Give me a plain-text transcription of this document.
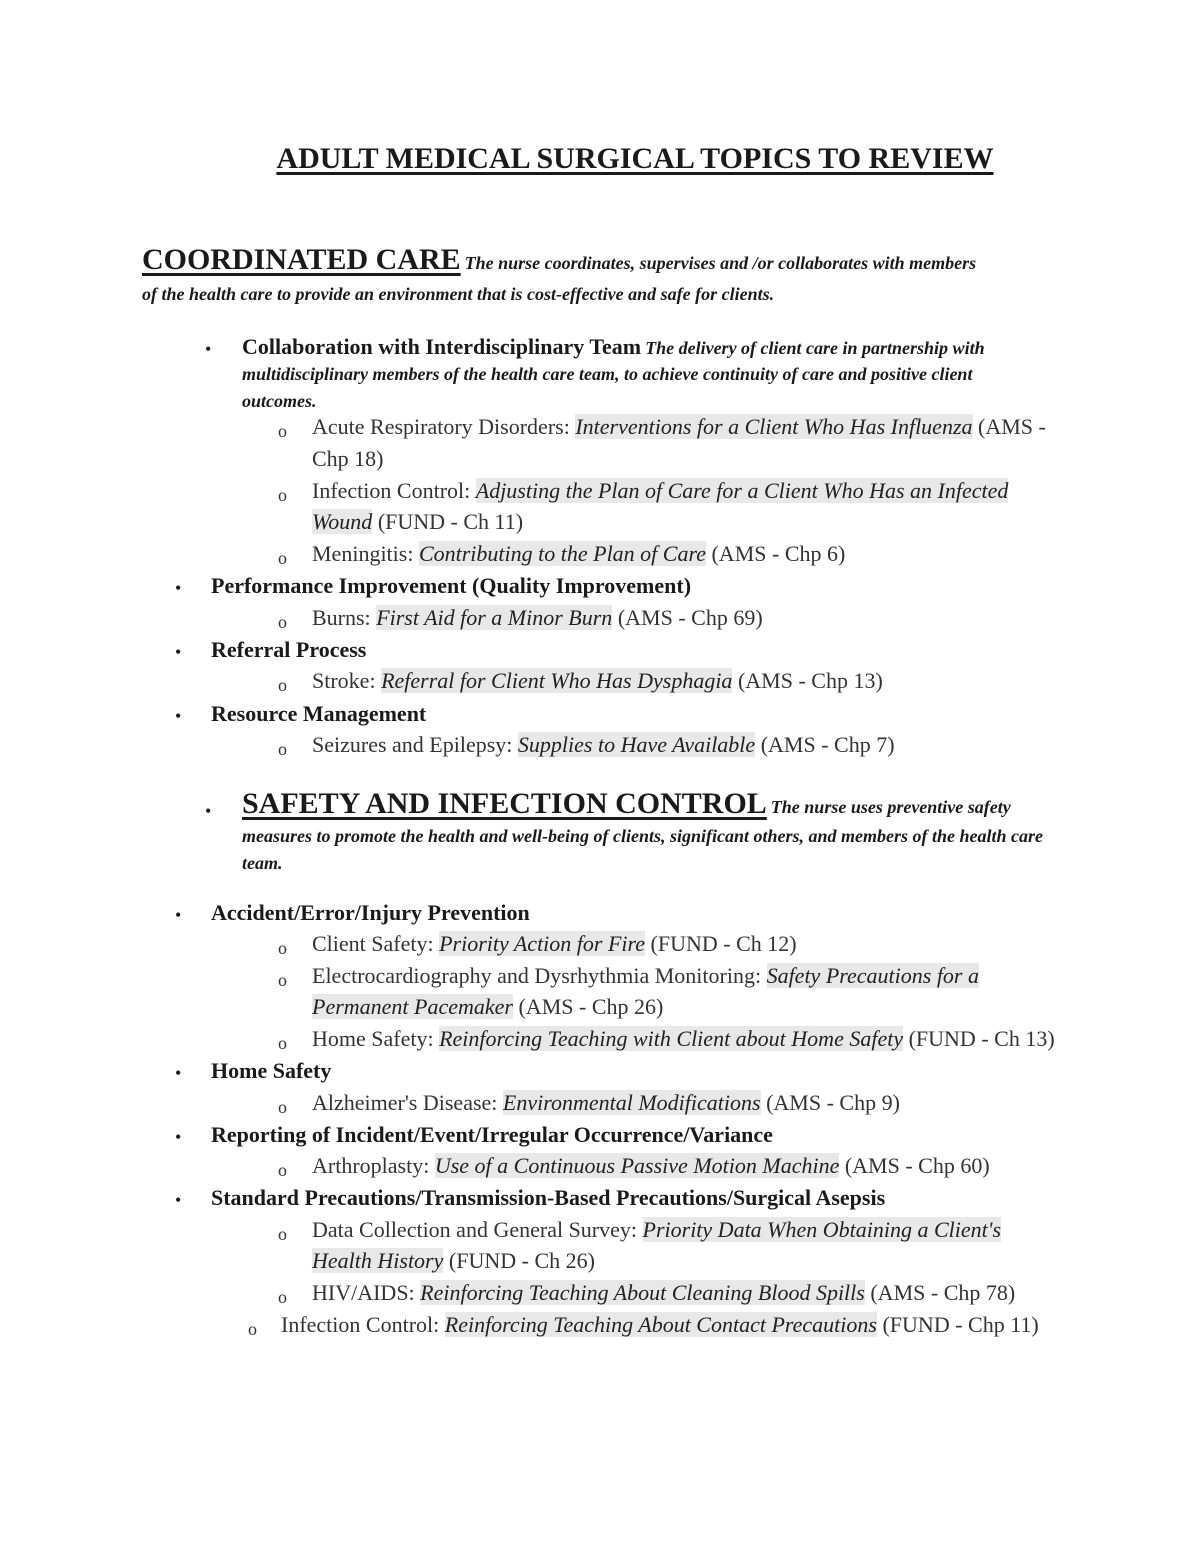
ADULT MEDICAL SURGICAL TOPICS TO REVIEW
COORDINATED CARE The nurse coordinates, supervises and /or collaborates with members
of the health care to provide an environment that is cost-effective and safe for clients.
• Collaboration with Interdisciplinary Team The delivery of client care in partnership with
multidisciplinary members of the health care team, to achieve continuity of care and positive client
outcomes.
o Acute Respiratory Disorders: Interventions for a Client Who Has Influenza (AMS -
Chp 18)
o Infection Control: Adjusting the Plan of Care for a Client Who Has an Infected
Wound (FUND - Ch 11)
o Meningitis: Contributing to the Plan of Care (AMS - Chp 6)
• Performance Improvement (Quality Improvement)
o Burns: First Aid for a Minor Burn (AMS - Chp 69)
• Referral Process
o Stroke: Referral for Client Who Has Dysphagia (AMS - Chp 13)
• Resource Management
o Seizures and Epilepsy: Supplies to Have Available (AMS - Chp 7)
• SAFETY AND INFECTION CONTROL The nurse uses preventive safety
measures to promote the health and well-being of clients, significant others, and members of the health care
team.
• Accident/Error/Injury Prevention
o Client Safety: Priority Action for Fire (FUND - Ch 12)
o Electrocardiography and Dysrhythmia Monitoring: Safety Precautions for a
Permanent Pacemaker (AMS - Chp 26)
o Home Safety: Reinforcing Teaching with Client about Home Safety (FUND - Ch 13)
• Home Safety
o Alzheimer's Disease: Environmental Modifications (AMS - Chp 9)
• Reporting of Incident/Event/Irregular Occurrence/Variance
o Arthroplasty: Use of a Continuous Passive Motion Machine (AMS - Chp 60)
• Standard Precautions/Transmission-Based Precautions/Surgical Asepsis
o Data Collection and General Survey: Priority Data When Obtaining a Client's
Health History (FUND - Ch 26)
o HIV/AIDS: Reinforcing Teaching About Cleaning Blood Spills (AMS - Chp 78)
o Infection Control: Reinforcing Teaching About Contact Precautions (FUND - Chp 11)
